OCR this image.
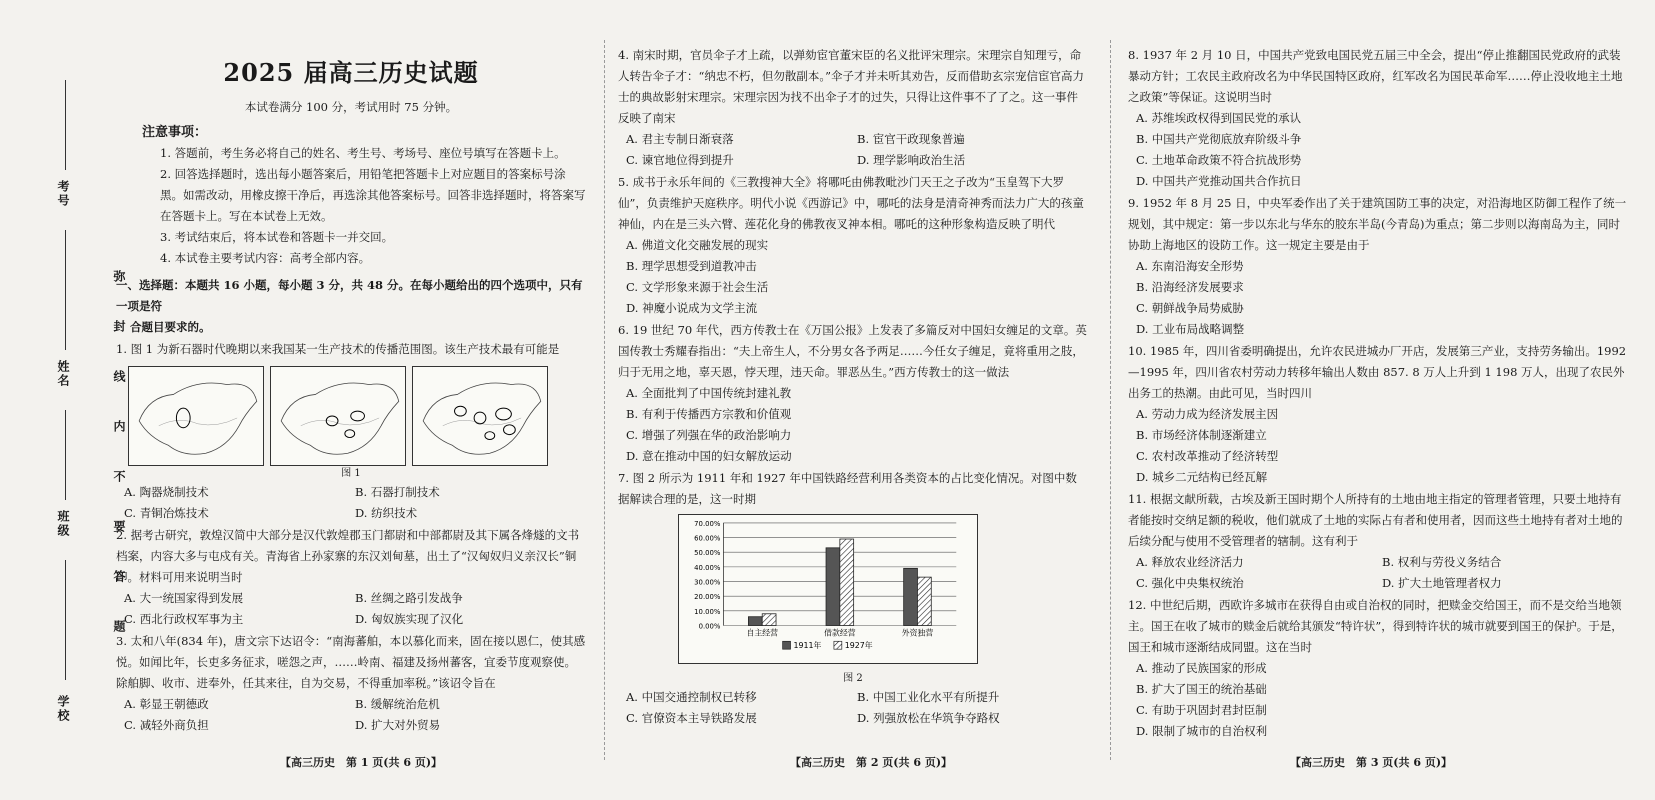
考号
姓名
班级
学校
弥封线内不要答题
2025 届高三历史试题
本试卷满分 100 分，考试用时 75 分钟。
注意事项：

1. 答题前，考生务必将自己的姓名、考生号、考场号、座位号填写在答题卡上。

2. 回答选择题时，选出每小题答案后，用铅笔把答题卡上对应题目的答案标号涂黑。如需改动，用橡皮擦干净后，再选涂其他答案标号。回答非选择题时，将答案写在答题卡上。写在本试卷上无效。

3. 考试结束后，将本试卷和答题卡一并交回。

4. 本试卷主要考试内容：高考全部内容。

一、选择题：本题共 16 小题，每小题 3 分，共 48 分。在每小题给出的四个选项中，只有一项是符
合题目要求的。
1. 图 1 为新石器时代晚期以来我国某一生产技术的传播范围图。该生产技术最有可能是
图 1
A. 陶器烧制技术	B. 石器打制技术
C. 青铜冶炼技术	D. 纺织技术
2. 据考古研究，敦煌汉简中大部分是汉代敦煌郡玉门都尉和中部都尉及其下属各烽燧的文书档案，内容大多与屯戍有关。青海省上孙家寨的东汉刘甸墓，出土了“汉匈奴归义亲汉长”铜印。材料可用来说明当时
A. 大一统国家得到发展	B. 丝绸之路引发战争
C. 西北行政权军事为主	D. 匈奴族实现了汉化
3. 太和八年(834 年)，唐文宗下达诏令：“南海蕃舶，本以慕化而来，固在接以恩仁，使其感悦。如闻比年，长吏多务征求，嗟怨之声，……岭南、福建及扬州蕃客，宜委节度观察使。除舶脚、收市、进奉外，任其来往，自为交易，不得重加率税。”该诏令旨在
A. 彰显王朝德政	B. 缓解统治危机
C. 减轻外商负担	D. 扩大对外贸易
4. 南宋时期，官员伞子才上疏，以弹劾宦官董宋臣的名义批评宋理宗。宋理宗自知理亏，命人转告伞子才：“纳忠不朽，但勿散副本。”伞子才并未听其劝告，反而借助玄宗宠信宦官高力士的典故影射宋理宗。宋理宗因为找不出伞子才的过失，只得让这件事不了了之。这一事件反映了南宋
A. 君主专制日渐衰落	B. 宦官干政现象普遍
C. 谏官地位得到提升	D. 理学影响政治生活
5. 成书于永乐年间的《三教搜神大全》将哪吒由佛教毗沙门天王之子改为“玉皇驾下大罗仙”，负责维护天庭秩序。明代小说《西游记》中，哪吒的法身是清奇神秀而法力广大的孩童神仙，内在是三头六臂、莲花化身的佛教夜叉神本相。哪吒的这种形象构造反映了明代
A. 佛道文化交融发展的现实
B. 理学思想受到道教冲击
C. 文学形象来源于社会生活
D. 神魔小说成为文学主流
6. 19 世纪 70 年代，西方传教士在《万国公报》上发表了多篇反对中国妇女缠足的文章。英国传教士秀耀春指出：“夫上帝生人，不分男女各予两足……今任女子缠足，竟将重用之肢，归于无用之地，辜天恩，悖天理，违天命。罪恶丛生。”西方传教士的这一做法
A. 全面批判了中国传统封建礼教
B. 有利于传播西方宗教和价值观
C. 增强了列强在华的政治影响力
D. 意在推动中国的妇女解放运动
7. 图 2 所示为 1911 年和 1927 年中国铁路经营利用各类资本的占比变化情况。对图中数据解读合理的是，这一时期
0.00%
10.00%
20.00%
30.00%
40.00%
50.00%
60.00%
70.00%
自主经营	借款经营	外资独营
1911年	1927年
图 2
A. 中国交通控制权已转移	B. 中国工业化水平有所提升
C. 官僚资本主导铁路发展	D. 列强放松在华筑争夺路权
8. 1937 年 2 月 10 日，中国共产党致电国民党五届三中全会，提出“停止推翻国民党政府的武装暴动方针；工农民主政府改名为中华民国特区政府，红军改名为国民革命军……停止没收地主土地之政策”等保证。这说明当时
A. 苏维埃政权得到国民党的承认
B. 中国共产党彻底放弃阶级斗争
C. 土地革命政策不符合抗战形势
D. 中国共产党推动国共合作抗日
9. 1952 年 8 月 25 日，中央军委作出了关于建筑国防工事的决定，对沿海地区防御工程作了统一规划，其中规定：第一步以东北与华东的胶东半岛(今青岛)为重点；第二步则以海南岛为主，同时协助上海地区的设防工作。这一规定主要是由于
A. 东南沿海安全形势
B. 沿海经济发展要求
C. 朝鲜战争局势威胁
D. 工业布局战略调整
10. 1985 年，四川省委明确提出，允许农民进城办厂开店，发展第三产业，支持劳务输出。1992—1995 年，四川省农村劳动力转移年输出人数由 857. 8 万人上升到 1 198 万人，出现了农民外出务工的热潮。由此可见，当时四川
A. 劳动力成为经济发展主因
B. 市场经济体制逐渐建立
C. 农村改革推动了经济转型
D. 城乡二元结构已经瓦解
11. 根据文献所载，古埃及新王国时期个人所持有的土地由地主指定的管理者管理，只要土地持有者能按时交纳足额的税收，他们就成了土地的实际占有者和使用者，因而这些土地持有者对土地的后续分配与使用不受管理者的辖制。这有利于
A. 释放农业经济活力	B. 权利与劳役义务结合
C. 强化中央集权统治	D. 扩大土地管理者权力
12. 中世纪后期，西欧许多城市在获得自由或自治权的同时，把赎金交给国王，而不是交给当地领主。国王在收了城市的赎金后就给其颁发“特许状”，得到特许状的城市就要到国王的保护。于是，国王和城市逐渐结成同盟。这在当时
A. 推动了民族国家的形成
B. 扩大了国王的统治基础
C. 有助于巩固封君封臣制
D. 限制了城市的自治权利
【高三历史　第 1 页(共 6 页)】	【高三历史　第 2 页(共 6 页)】	【高三历史　第 3 页(共 6 页)】
